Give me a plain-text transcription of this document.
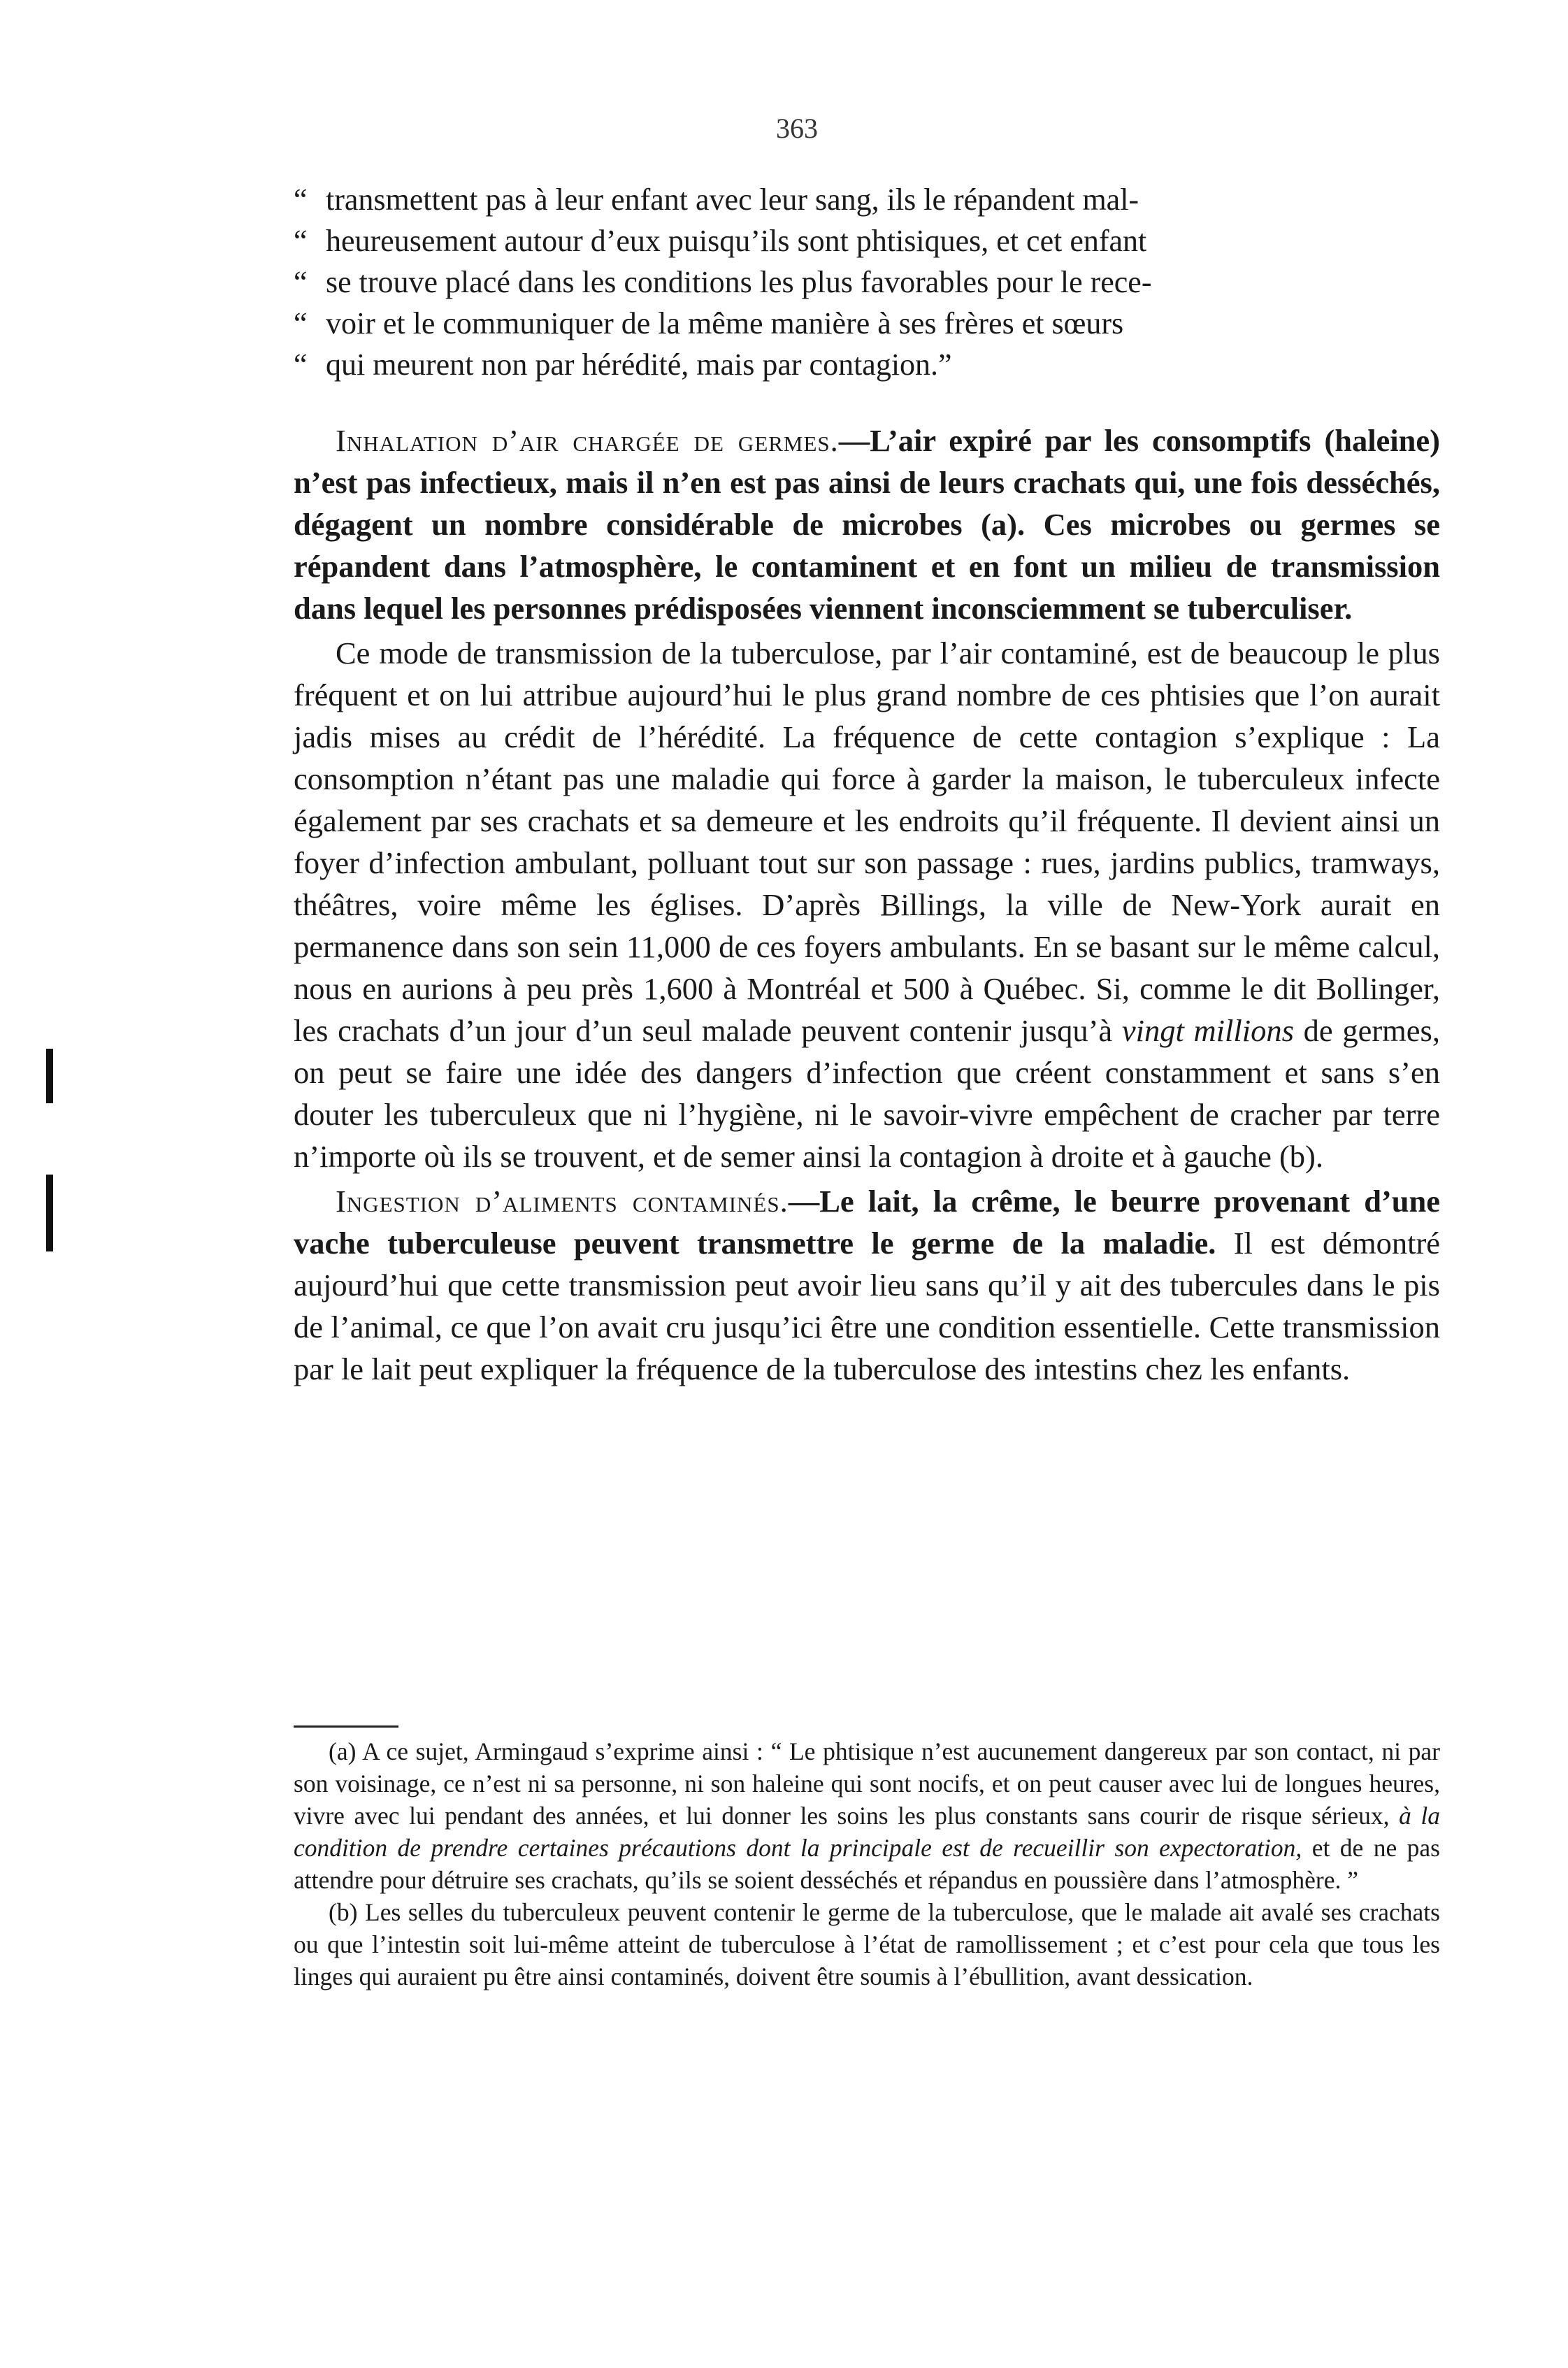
363
“ transmettent pas à leur enfant avec leur sang, ils le répandent mal-
“ heureusement autour d’eux puisqu’ils sont phtisiques, et cet enfant
“ se trouve placé dans les conditions les plus favorables pour le rece-
“ voir et le communiquer de la même manière à ses frères et sœurs
“ qui meurent non par hérédité, mais par contagion.”

Inhalation d’air chargée de germes.—L’air expiré par les consomptifs (haleine) n’est pas infectieux, mais il n’en est pas ainsi de leurs crachats qui, une fois desséchés, dégagent un nombre considérable de microbes (a). Ces microbes ou germes se répandent dans l’atmosphère, le contaminent et en font un milieu de transmission dans lequel les personnes prédisposées viennent inconsciemment se tuberculiser.

Ce mode de transmission de la tuberculose, par l’air contaminé, est de beaucoup le plus fréquent et on lui attribue aujourd’hui le plus grand nombre de ces phtisies que l’on aurait jadis mises au crédit de l’hérédité. La fréquence de cette contagion s’explique : La consomption n’étant pas une maladie qui force à garder la maison, le tuberculeux infecte également par ses crachats et sa demeure et les endroits qu’il fréquente. Il devient ainsi un foyer d’infection ambulant, polluant tout sur son passage : rues, jardins publics, tramways, théâtres, voire même les églises. D’après Billings, la ville de New-York aurait en permanence dans son sein 11,000 de ces foyers ambulants. En se basant sur le même calcul, nous en aurions à peu près 1,600 à Montréal et 500 à Québec. Si, comme le dit Bollinger, les crachats d’un jour d’un seul malade peuvent contenir jusqu’à vingt millions de germes, on peut se faire une idée des dangers d’infection que créent constamment et sans s’en douter les tuberculeux que ni l’hygiène, ni le savoir-vivre empêchent de cracher par terre n’importe où ils se trouvent, et de semer ainsi la contagion à droite et à gauche (b).

Ingestion d’aliments contaminés.—Le lait, la crême, le beurre provenant d’une vache tuberculeuse peuvent transmettre le germe de la maladie. Il est démontré aujourd’hui que cette transmission peut avoir lieu sans qu’il y ait des tubercules dans le pis de l’animal, ce que l’on avait cru jusqu’ici être une condition essentielle. Cette transmission par le lait peut expliquer la fréquence de la tuberculose des intestins chez les enfants.

(a) A ce sujet, Armingaud s’exprime ainsi : “ Le phtisique n’est aucunement dangereux par son contact, ni par son voisinage, ce n’est ni sa personne, ni son haleine qui sont nocifs, et on peut causer avec lui de longues heures, vivre avec lui pendant des années, et lui donner les soins les plus constants sans courir de risque sérieux, à la condition de prendre certaines précautions dont la principale est de recueillir son expectoration, et de ne pas attendre pour détruire ses crachats, qu’ils se soient desséchés et répandus en poussière dans l’atmosphère. ”

(b) Les selles du tuberculeux peuvent contenir le germe de la tuberculose, que le malade ait avalé ses crachats ou que l’intestin soit lui-même atteint de tuberculose à l’état de ramollissement ; et c’est pour cela que tous les linges qui auraient pu être ainsi contaminés, doivent être soumis à l’ébullition, avant dessication.
